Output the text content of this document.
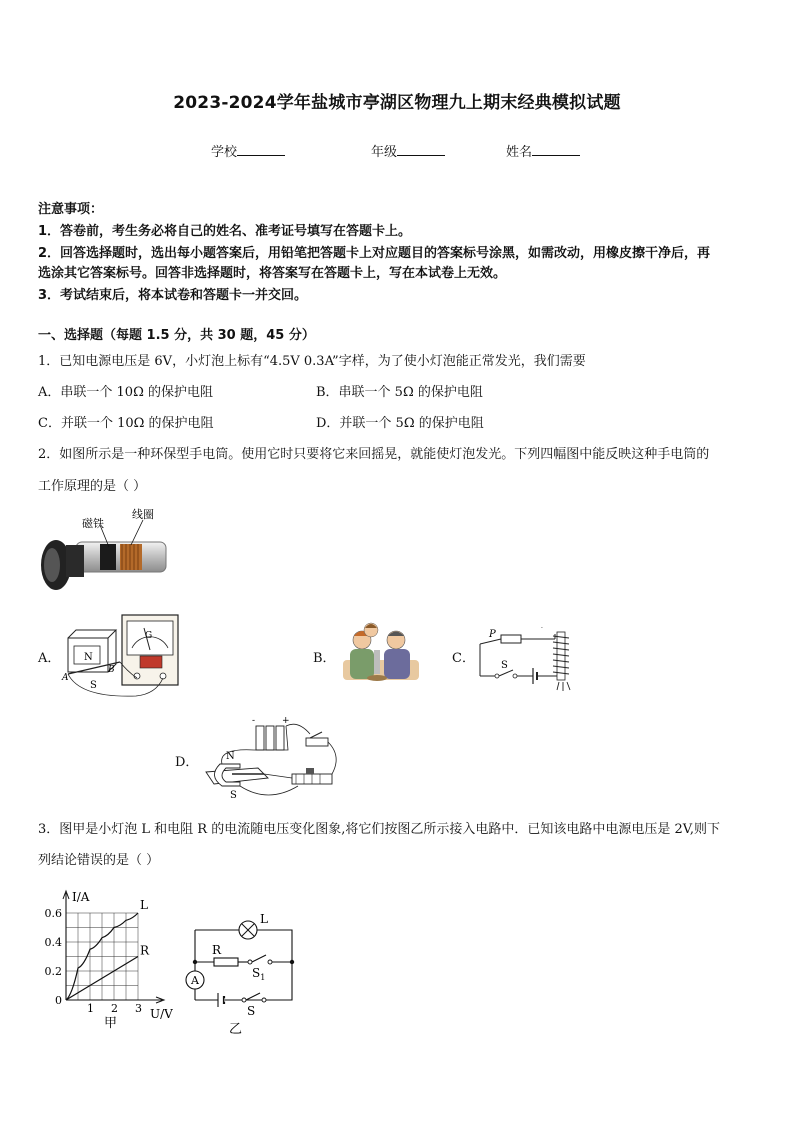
2023-2024学年盐城市亭湖区物理九上期末经典模拟试题
学校	年级	姓名
注意事项：
1．答卷前，考生务必将自己的姓名、准考证号填写在答题卡上。
2．回答选择题时，选出每小题答案后，用铅笔把答题卡上对应题目的答案标号涂黑，如需改动，用橡皮擦干净后，再
选涂其它答案标号。回答非选择题时，将答案写在答题卡上，写在本试卷上无效。
3．考试结束后，将本试卷和答题卡一并交回。
一、选择题（每题 1.5 分，共 30 题，45 分）
1．已知电源电压是 6V，小灯泡上标有“4.5V 0.3A”字样，为了使小灯泡能正常发光，我们需要
A．串联一个 10Ω 的保护电阻	B．串联一个 5Ω 的保护电阻
C．并联一个 10Ω 的保护电阻	D．并联一个 5Ω 的保护电阻
2．如图所示是一种环保型手电筒。使用它时只要将它来回摇晃，就能使灯泡发光。下列四幅图中能反映这种手电筒的
工作原理的是（ ）
磁铁
线圈
A．
G
N
S
A
B
B．	C．
P
S
·
D．
-	+
N
S
3．图甲是小灯泡 L 和电阻 R 的电流随电压变化图象,将它们按图乙所示接入电路中．已知该电路中电源电压是 2V,则下
列结论错误的是（ ）
L
R
1 2 3
0
0.2
0.4
0.6
I/A
U/V
甲
L
R
$S_1$
A
S
乙
